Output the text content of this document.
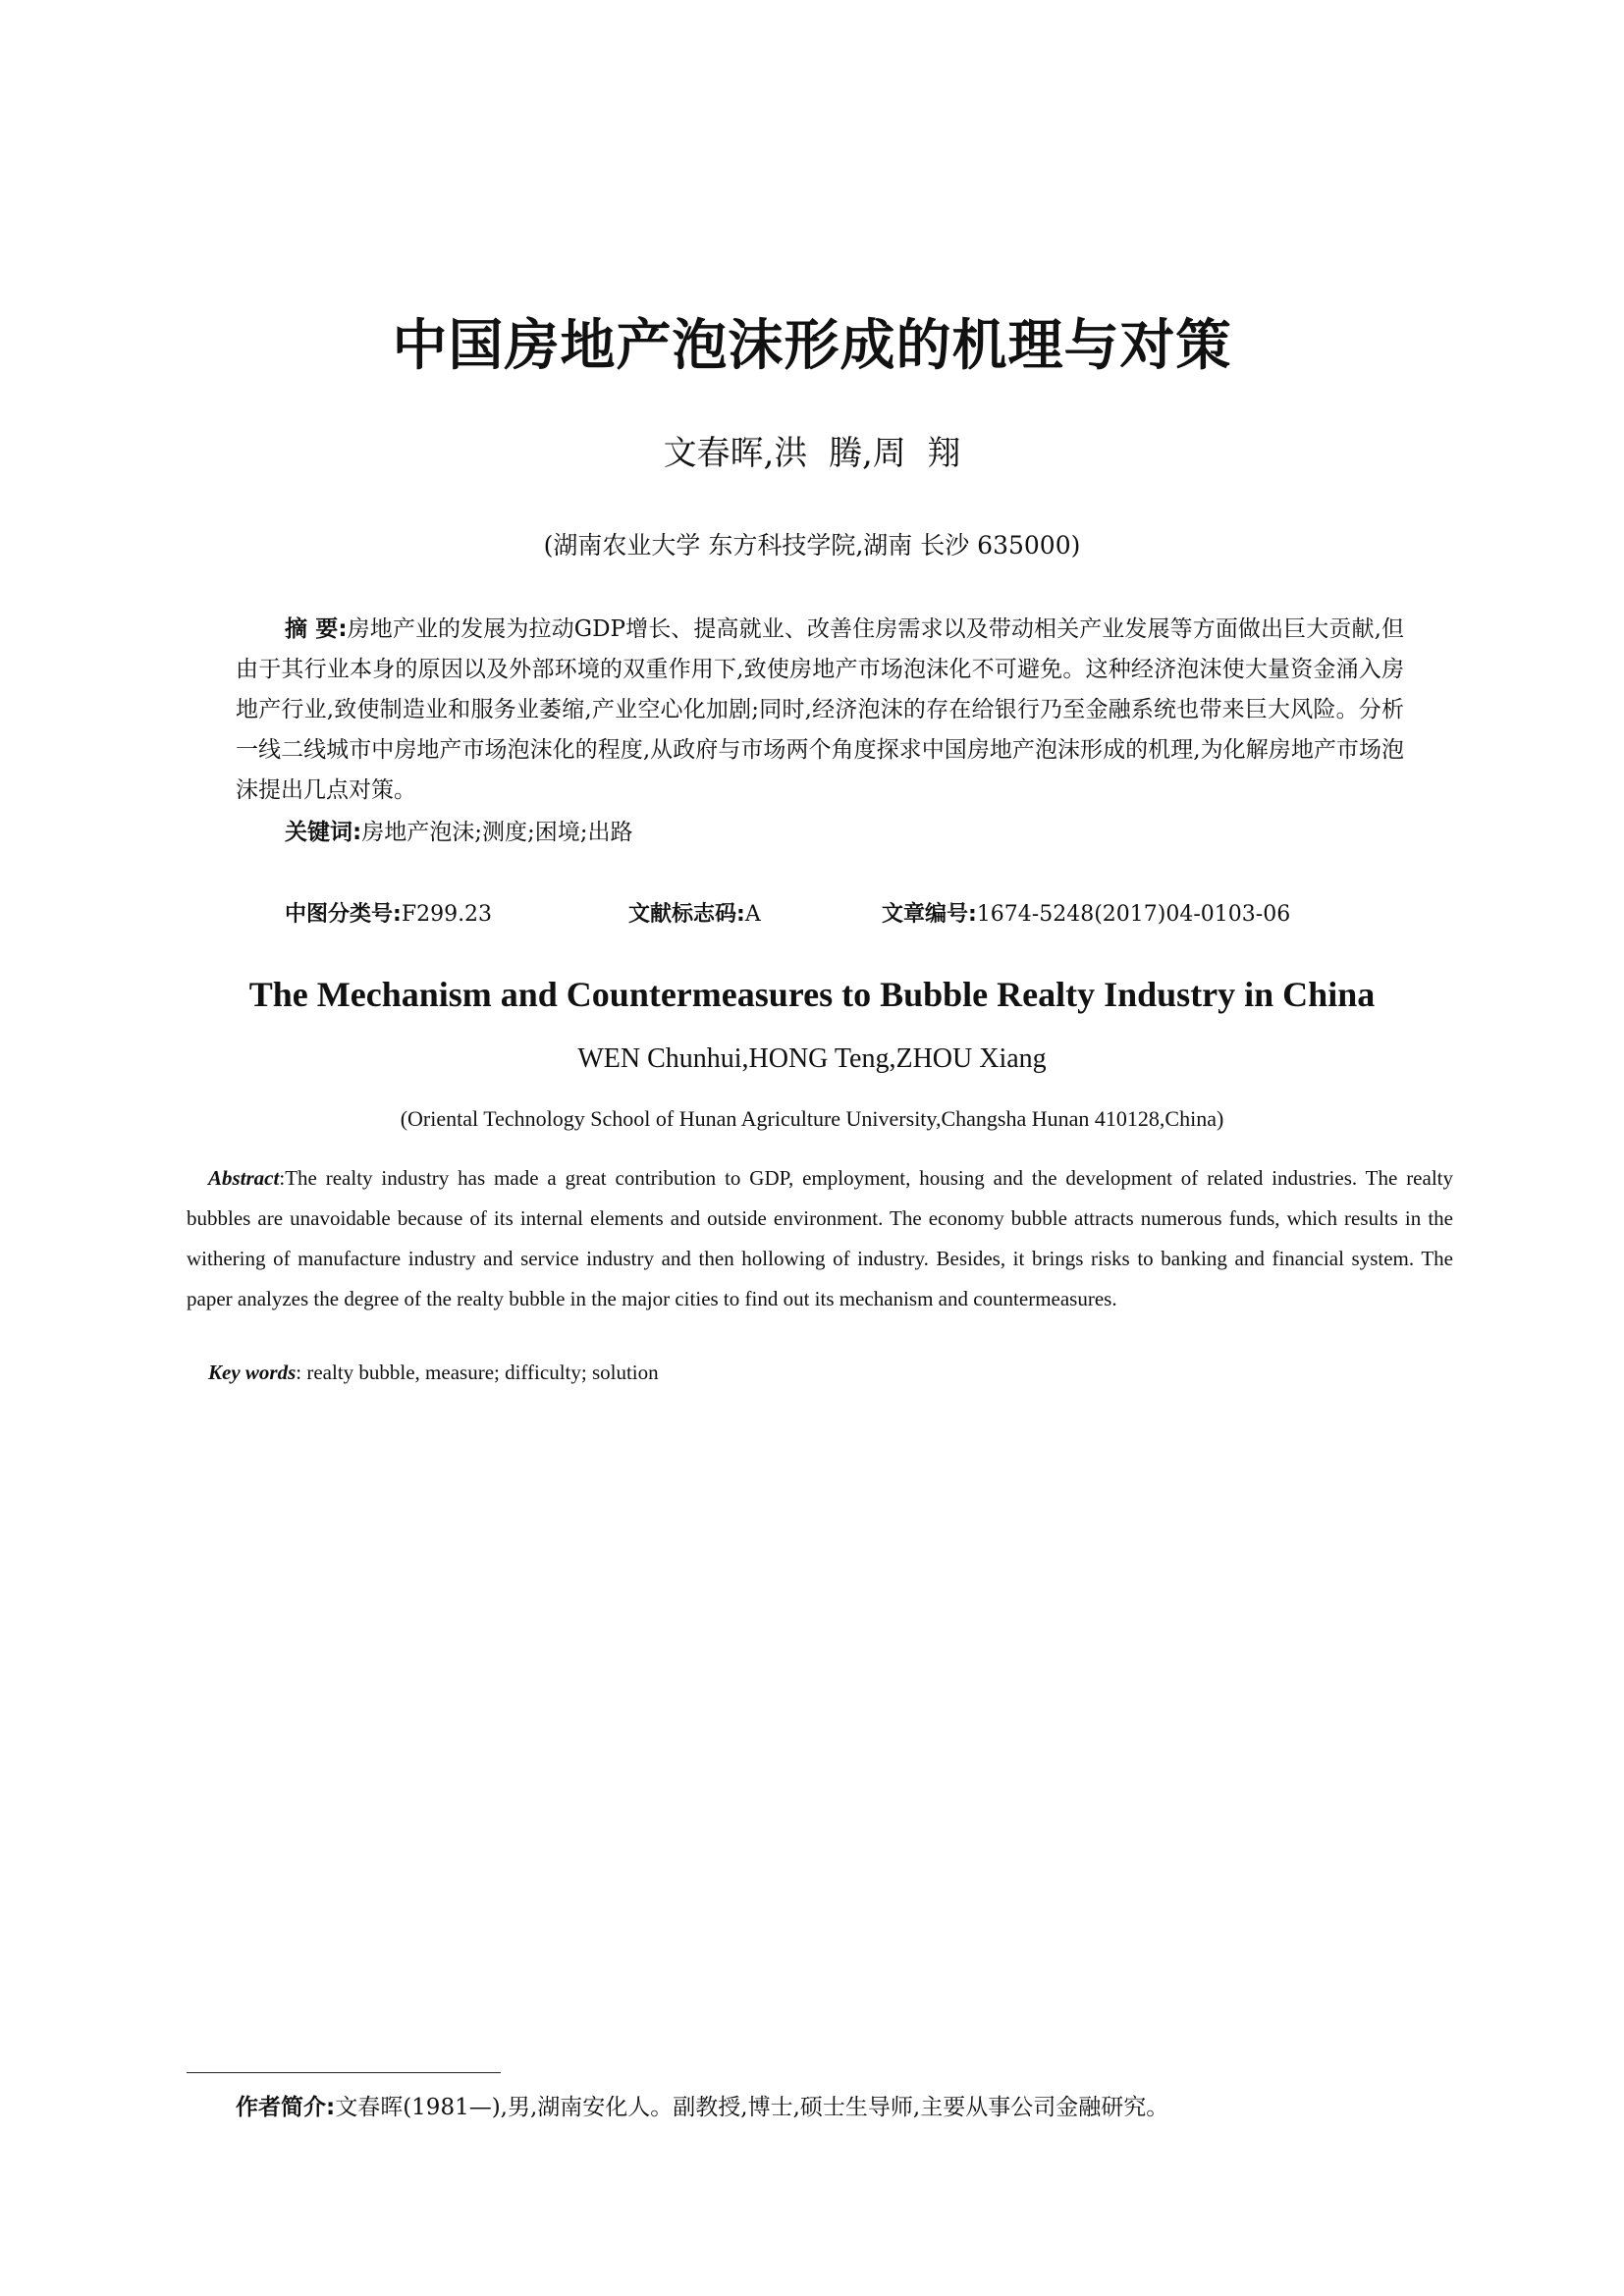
中国房地产泡沫形成的机理与对策
文春晖,洪  腾,周  翔
(湖南农业大学 东方科技学院,湖南 长沙 635000)
摘 要:房地产业的发展为拉动GDP增长、提高就业、改善住房需求以及带动相关产业发展等方面做出巨大贡献,但由于其行业本身的原因以及外部环境的双重作用下,致使房地产市场泡沫化不可避免。这种经济泡沫使大量资金涌入房地产行业,致使制造业和服务业萎缩,产业空心化加剧;同时,经济泡沫的存在给银行乃至金融系统也带来巨大风险。分析一线二线城市中房地产市场泡沫化的程度,从政府与市场两个角度探求中国房地产泡沫形成的机理,为化解房地产市场泡沫提出几点对策。
关键词:房地产泡沫;测度;困境;出路
中图分类号:F299.23	文献标志码:A	文章编号:1674-5248(2017)04-0103-06
The Mechanism and Countermeasures to Bubble Realty Industry in China
WEN Chunhui,HONG Teng,ZHOU Xiang
(Oriental Technology School of Hunan Agriculture University,Changsha Hunan 410128,China)
Abstract:The realty industry has made a great contribution to GDP, employment, housing and the development of related industries. The realty bubbles are unavoidable because of its internal elements and outside environment. The economy bubble attracts numerous funds, which results in the withering of manufacture industry and service industry and then hollowing of industry. Besides, it brings risks to banking and financial system. The paper analyzes the degree of the realty bubble in the major cities to find out its mechanism and countermeasures.
Key words: realty bubble, measure; difficulty; solution
作者简介:文春晖(1981—),男,湖南安化人。副教授,博士,硕士生导师,主要从事公司金融研究。
